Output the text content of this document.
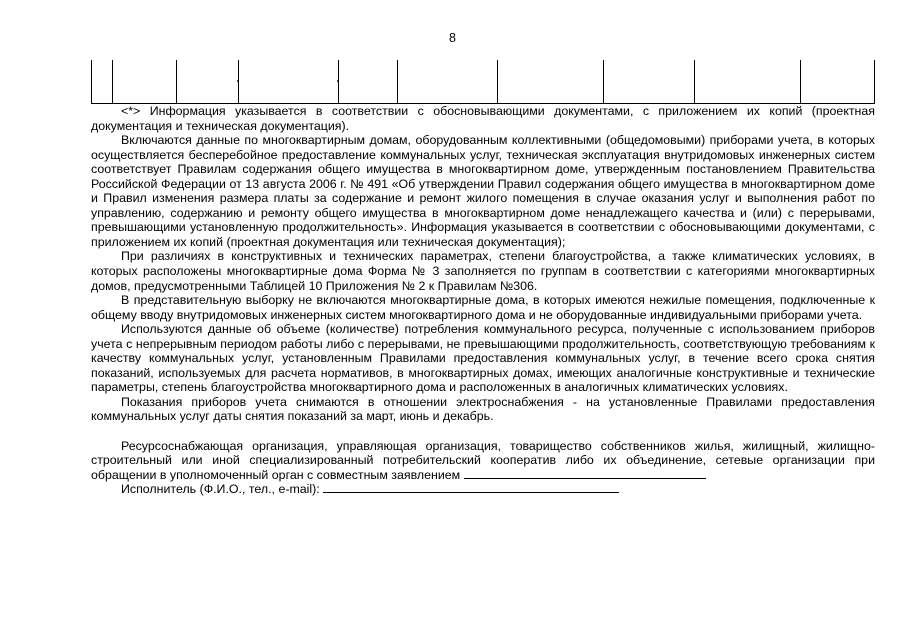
8

<*> Информация указывается в соответствии с обосновывающими документами, с приложением их копий (проектная документация и техническая документация).

Включаются данные по многоквартирным домам, оборудованным коллективными (общедомовыми) приборами учета, в которых осуществляется бесперебойное предоставление коммунальных услуг, техническая эксплуатация внутридомовых инженерных систем соответствует Правилам содержания общего имущества в многоквартирном доме, утвержденным постановлением Правительства Российской Федерации от 13 августа 2006 г. № 491 «Об утверждении Правил содержания общего имущества в многоквартирном доме и Правил изменения размера платы за содержание и ремонт жилого помещения в случае оказания услуг и выполнения работ по управлению, содержанию и ремонту общего имущества в многоквартирном доме ненадлежащего качества и (или) с перерывами, превышающими установленную продолжительность». Информация указывается в соответствии с обосновывающими документами, с приложением их копий (проектная документация или техническая документация);

При различиях в конструктивных и технических параметрах, степени благоустройства, а также климатических условиях, в которых расположены многоквартирные дома Форма № 3 заполняется по группам в соответствии с категориями многоквартирных домов, предусмотренными Таблицей 10 Приложения № 2 к Правилам №306.

В представительную выборку не включаются многоквартирные дома, в которых имеются нежилые помещения, подключенные к общему вводу внутридомовых инженерных систем многоквартирного дома и не оборудованные индивидуальными приборами учета.

Используются данные об объеме (количестве) потребления коммунального ресурса, полученные с использованием приборов учета с непрерывным периодом работы либо с перерывами, не превышающими продолжительность, соответствующую требованиям к качеству коммунальных услуг, установленным Правилами предоставления коммунальных услуг, в течение всего срока снятия показаний, используемых для расчета нормативов, в многоквартирных домах, имеющих аналогичные конструктивные и технические параметры, степень благоустройства многоквартирного дома и расположенных в аналогичных климатических условиях.

Показания приборов учета снимаются в отношении электроснабжения - на установленные Правилами предоставления коммунальных услуг даты снятия показаний за март, июнь и декабрь.

Ресурсоснабжающая организация, управляющая организация, товарищество собственников жилья, жилищный, жилищно-строительный или иной специализированный потребительский кооператив либо их объединение, сетевые организации при обращении в уполномоченный орган с совместным заявлением

Исполнитель (Ф.И.О., тел., e-mail):
